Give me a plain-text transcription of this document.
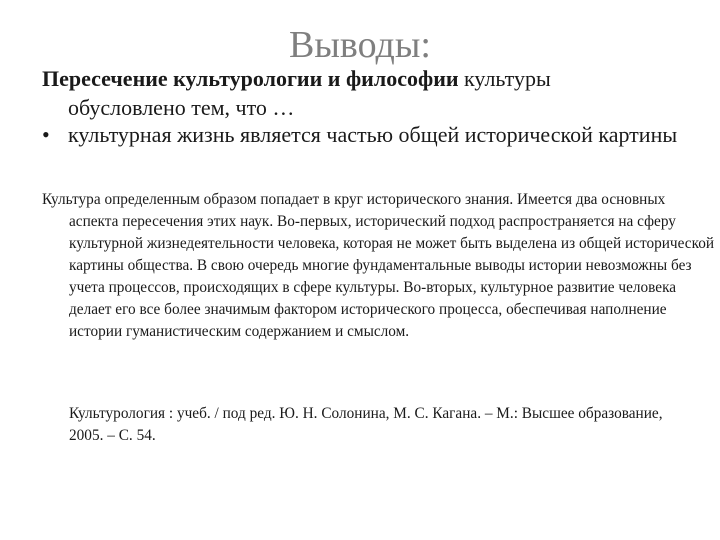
Выводы:

Пересечение культурологии и философии культуры
обусловлено тем, что …

• культурная жизнь является частью общей исторической картины

Культура определенным образом попадает в круг исторического знания. Имеется два основных аспекта пересечения этих наук. Во-первых, исторический подход распространяется на сферу культурной жизнедеятельности человека, которая не может быть выделена из общей исторической картины общества. В свою очередь многие фундаментальные выводы истории невозможны без учета процессов, происходящих в сфере культуры. Во-вторых, культурное развитие человека делает его все более значимым фактором исторического процесса, обеспечивая наполнение истории гуманистическим содержанием и смыслом.

Культурология : учеб. / под ред. Ю. Н. Солонина, М. С. Кагана. – М.: Высшее образование, 2005. – С. 54.
